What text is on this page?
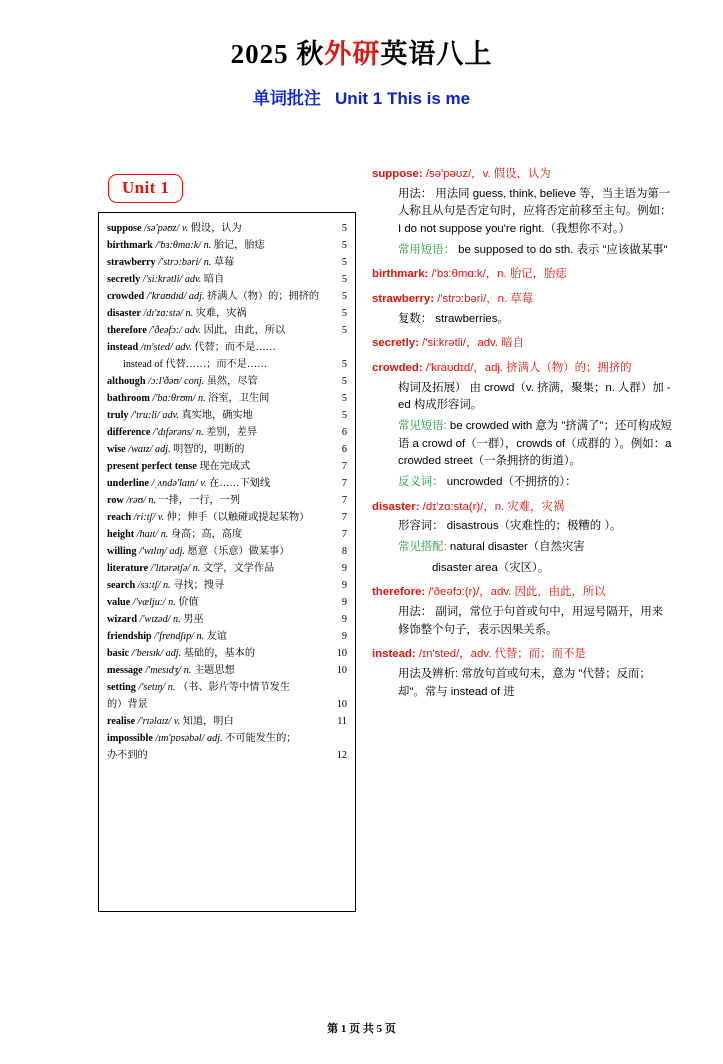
2025 秋外研英语八上
单词批注 Unit 1 This is me
Unit 1
suppose /sə'pəʊz/ v. 假设，认为	5
birthmark /'bɜ:θmɑ:k/ n. 胎记，胎痣	5
strawberry /'strɔ:bəri/ n. 草莓	5
secretly /'si:krətli/ adv. 暗自	5
crowded /'kraʊdɪd/ adj. 挤满人（物）的；拥挤的	5
disaster /dɪ'zɑ:stə/ n. 灾难，灾祸	5
therefore /'ðeəfɔ:/ adv. 因此，由此，所以	5
instead /ɪn'sted/ adv. 代替；而不是……
instead of 代替……；而不是……	5
although /ɔ:l'ðəʊ/ conj. 虽然，尽管	5
bathroom /'bɑ:θrʊm/ n. 浴室，卫生间	5
truly /'tru:li/ adv. 真实地，确实地	5
difference /'dɪfərəns/ n. 差别，差异	6
wise /waɪz/ adj. 明智的，明断的	6
present perfect tense 现在完成式	7
underline /ˌʌndə'laɪn/ v. 在……下划线	7
row /rəʊ/ n. 一排，一行，一列	7
reach /ri:tʃ/ v. 伸；伸手（以触碰或提起某物）	7
height /haɪt/ n. 身高；高，高度	7
willing /'wɪlɪŋ/ adj. 愿意（乐意）做某事）	8
literature /'lɪtərətʃə/ n. 文学，文学作品	9
search /sɜ:tʃ/ n. 寻找；搜寻	9
value /'væljuː/ n. 价值	9
wizard /'wɪzəd/ n. 男巫	9
friendship /'frendʃɪp/ n. 友谊	9
basic /'beɪsɪk/ adj. 基础的，基本的	10
message /'mesɪdʒ/ n. 主题思想	10
setting /'setɪŋ/ n. （书、影片等中情节发生
的）背景	10
realise /'rɪəlaɪz/ v. 知道，明白	11
impossible /ɪm'pɒsəbəl/ adj. 不可能发生的；
办不到的	12
suppose: /sə'pəʊz/，v. 假设，认为
用法： 用法同 guess, think, believe 等，当主语为第一人称且从句是否定句时，应将否定前移至主句。例如：I do not suppose you're right.（我想你不对。）
常用短语： be supposed to do sth. 表示 "应该做某事"
birthmark: /'bɜ:θmɑ:k/，n. 胎记，胎痣
strawberry: /'strɔ:bəri/，n. 草莓
复数： strawberries。
secretly: /'si:krətli/，adv. 暗自
crowded: /'kraʊdɪd/，adj. 挤满人（物）的；拥挤的
构词及拓展） 由 crowd（v. 挤满，聚集；n. 人群）加 -ed 构成形容词。
常见短语: be crowded with 意为 "挤满了"；还可构成短语 a crowd of（一群），crowds of（成群的 ）。例如：a crowded street（一条拥挤的街道）。
反义词： uncrowded（不拥挤的）：
disaster: /dɪ'zɑ:sta(r)/，n. 灾难，灾祸
形容词： disastrous（灾难性的；极糟的 ）。
常见搭配: natural disaster（自然灾害
disaster area（灾区）。
therefore: /'ðeəfɔ:(r)/，adv. 因此，由此，所以
用法： 副词，常位于句首或句中，用逗号隔开，用来修饰整个句子，表示因果关系。
instead: /ɪn'sted/，adv. 代替；而；而不是
用法及辨析: 常放句首或句末，意为 "代替；反而；却"。常与 instead of 进
第 1 页 共 5 页
